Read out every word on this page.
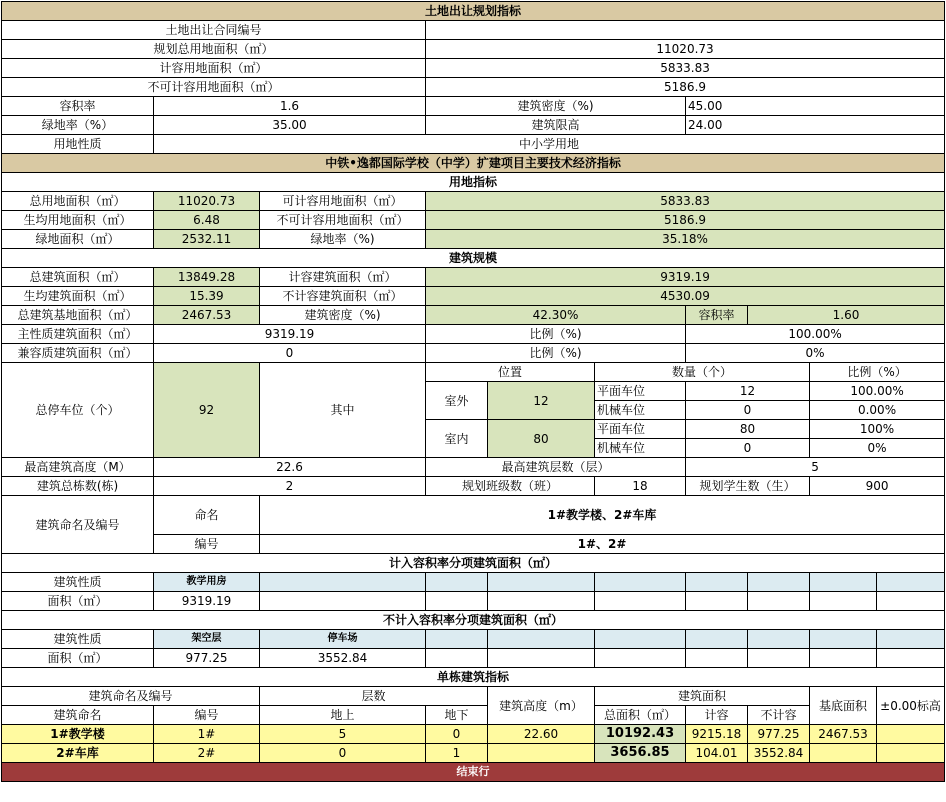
土地出让规划指标									
土地出让合同编号									
规划总用地面积（㎡）			11020.73						
计容用地面积（㎡）			5833.83						
不可计容用地面积（㎡）			5186.9						
容积率	1.6		建筑密度（%)			45.00			
绿地率（%）	35.00		建筑限高			24.00			
用地性质	中小学用地								
中铁•逸都国际学校（中学）扩建项目主要技术经济指标									
用地指标									
总用地面积（㎡）	11020.73	可计容用地面积（㎡）	5833.83						
生均用地面积（㎡）	6.48	不可计容用地面积（㎡）	5186.9						
绿地面积（㎡）	2532.11	绿地率（%)	35.18%						
建筑规模									
总建筑面积（㎡）	13849.28	计容建筑面积（㎡）	9319.19						
生均建筑面积（㎡）	15.39	不计容建筑面积（㎡）	4530.09						
总建筑基地面积（㎡）	2467.53	建筑密度（%)	42.30%			容积率	1.60		
主性质建筑面积（㎡）	9319.19		比例（%)			100.00%			
兼容质建筑面积（㎡）	0		比例（%)			0%			
总停车位（个）	92	其中	位置		数量（个）			比例（%）	
			室外	12	平面车位	12		100.00%	
					机械车位	0		0.00%	
			室内	80	平面车位	80		100%	
					机械车位	0		0%	
最高建筑高度（M）	22.6		最高建筑层数（层）			5			
建筑总栋数(栋)	2		规划班级数（班）		18	规划学生数（生）		900	
建筑命名及编号	命名	1#教学楼、2#车库							
	编号	1#、2#							
计入容积率分项建筑面积（㎡）									
建筑性质	教学用房								
面积（㎡）	9319.19								
不计入容积率分项建筑面积（㎡）									
建筑性质	架空层	停车场							
面积（㎡）	977.25	3552.84							
单栋建筑指标									
建筑命名及编号		层数		建筑高度（m）	建筑面积			基底面积	±0.00标高
建筑命名	编号	地上	地下		总面积（㎡）	计容	不计容		
1#教学楼	1#	5	0	22.60	10192.43	9215.18	977.25	2467.53	
2#车库	2#	0	1		3656.85	104.01	3552.84		
结束行									
